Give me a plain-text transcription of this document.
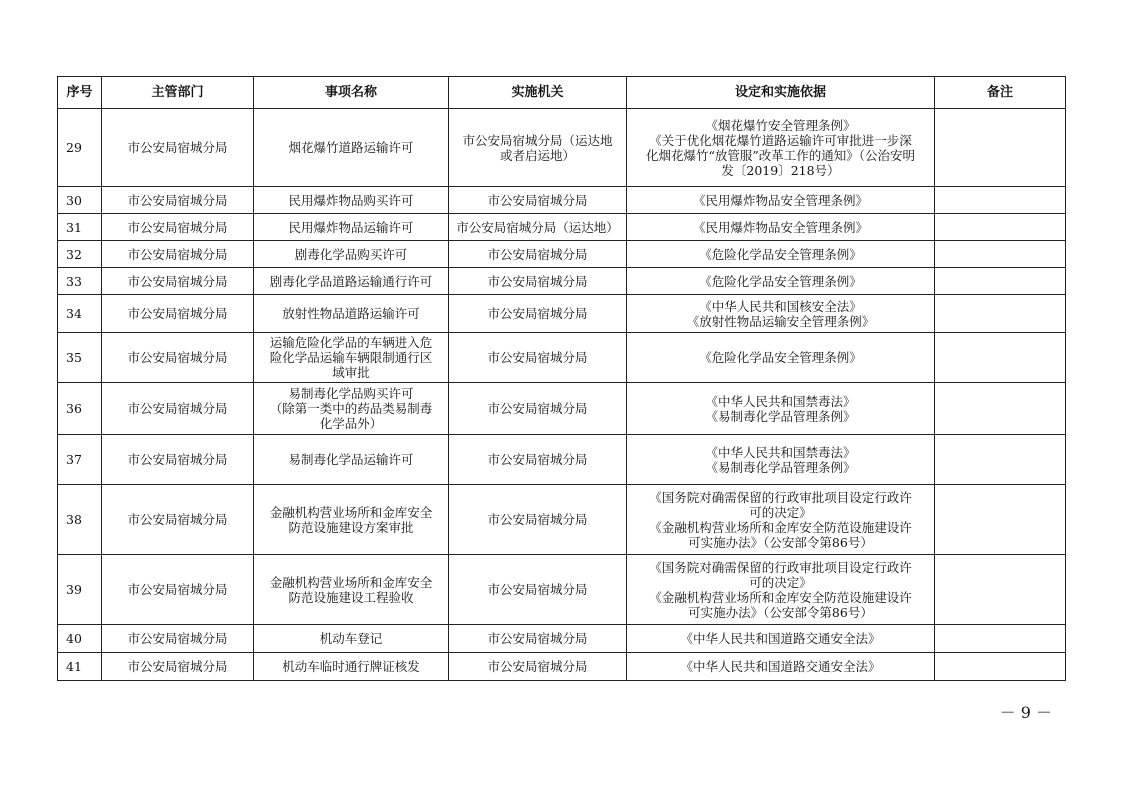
序号	主管部门	事项名称	实施机关	设定和实施依据	备注
29	市公安局宿城分局	烟花爆竹道路运输许可	市公安局宿城分局（运达地
或者启运地）	《烟花爆竹安全管理条例》
《关于优化烟花爆竹道路运输许可审批进一步深
化烟花爆竹“放管服”改革工作的通知》（公治安明
发〔2019〕218号）	

30	市公安局宿城分局	民用爆炸物品购买许可	市公安局宿城分局	《民用爆炸物品安全管理条例》	

31	市公安局宿城分局	民用爆炸物品运输许可	市公安局宿城分局（运达地）	《民用爆炸物品安全管理条例》	

32	市公安局宿城分局	剧毒化学品购买许可	市公安局宿城分局	《危险化学品安全管理条例》	

33	市公安局宿城分局	剧毒化学品道路运输通行许可	市公安局宿城分局	《危险化学品安全管理条例》	

34	市公安局宿城分局	放射性物品道路运输许可	市公安局宿城分局	《中华人民共和国核安全法》
《放射性物品运输安全管理条例》	

35	市公安局宿城分局	运输危险化学品的车辆进入危
险化学品运输车辆限制通行区
域审批	市公安局宿城分局	《危险化学品安全管理条例》	

36	市公安局宿城分局	易制毒化学品购买许可
（除第一类中的药品类易制毒
化学品外）	市公安局宿城分局	《中华人民共和国禁毒法》
《易制毒化学品管理条例》	

37	市公安局宿城分局	易制毒化学品运输许可	市公安局宿城分局	《中华人民共和国禁毒法》
《易制毒化学品管理条例》	

38	市公安局宿城分局	金融机构营业场所和金库安全
防范设施建设方案审批	市公安局宿城分局	《国务院对确需保留的行政审批项目设定行政许
可的决定》
《金融机构营业场所和金库安全防范设施建设许
可实施办法》（公安部令第86号）	

39	市公安局宿城分局	金融机构营业场所和金库安全
防范设施建设工程验收	市公安局宿城分局	《国务院对确需保留的行政审批项目设定行政许
可的决定》
《金融机构营业场所和金库安全防范设施建设许
可实施办法》（公安部令第86号）	

40	市公安局宿城分局	机动车登记	市公安局宿城分局	《中华人民共和国道路交通安全法》	

41	市公安局宿城分局	机动车临时通行牌证核发	市公安局宿城分局	《中华人民共和国道路交通安全法》	

－ 9 －
